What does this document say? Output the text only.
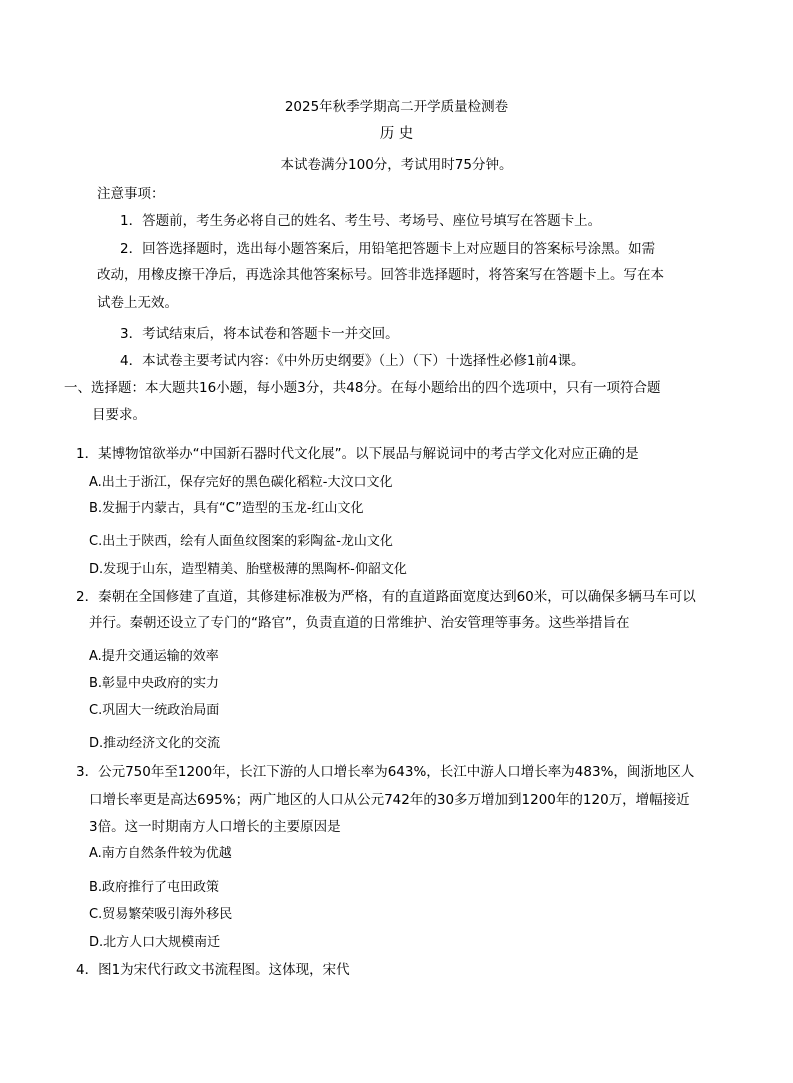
2025年秋季学期高二开学质量检测卷
历 史
本试卷满分100分，考试用时75分钟。
注意事项：
1．答题前，考生务必将自己的姓名、考生号、考场号、座位号填写在答题卡上。
2．回答选择题时，选出每小题答案后，用铅笔把答题卡上对应题目的答案标号涂黑。如需
改动，用橡皮擦干净后，再选涂其他答案标号。回答非选择题时，将答案写在答题卡上。写在本
试卷上无效。
3．考试结束后，将本试卷和答题卡一并交回。
4．本试卷主要考试内容：《中外历史纲要》（上）（下）十选择性必修1前4课。
一、选择题：本大题共16小题，每小题3分，共48分。在每小题给出的四个选项中，只有一项符合题
目要求。
1．某博物馆欲举办“中国新石器时代文化展”。以下展品与解说词中的考古学文化对应正确的是
A.出土于浙江，保存完好的黑色碳化稻粒-大汶口文化
B.发掘于内蒙古，具有“C”造型的玉龙-红山文化
C.出土于陕西，绘有人面鱼纹图案的彩陶盆-龙山文化
D.发现于山东，造型精美、胎壁极薄的黑陶杯-仰韶文化
2．秦朝在全国修建了直道，其修建标准极为严格，有的直道路面宽度达到60米，可以确保多辆马车可以
并行。秦朝还设立了专门的“路官”，负责直道的日常维护、治安管理等事务。这些举措旨在
A.提升交通运输的效率
B.彰显中央政府的实力
C.巩固大一统政治局面
D.推动经济文化的交流
3．公元750年至1200年，长江下游的人口增长率为643%，长江中游人口增长率为483%，闽浙地区人
口增长率更是高达695%；两广地区的人口从公元742年的30多万增加到1200年的120万，增幅接近
3倍。这一时期南方人口增长的主要原因是
A.南方自然条件较为优越
B.政府推行了屯田政策
C.贸易繁荣吸引海外移民
D.北方人口大规模南迁
4．图1为宋代行政文书流程图。这体现，宋代
